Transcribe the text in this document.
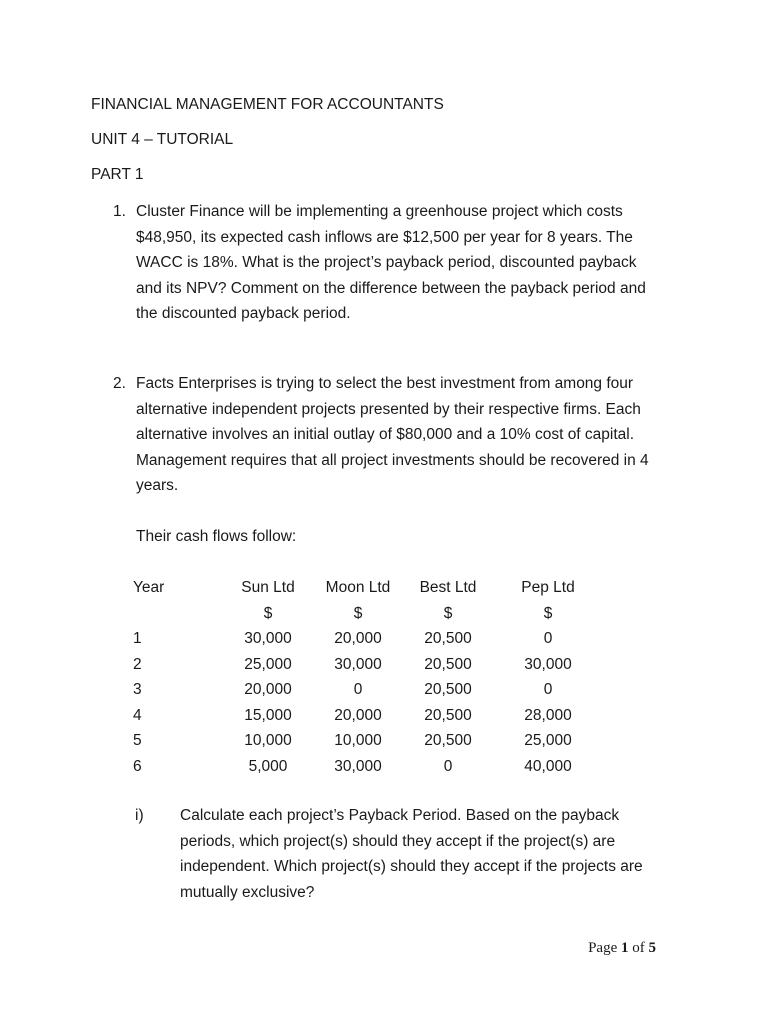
FINANCIAL MANAGEMENT FOR ACCOUNTANTS
UNIT 4 – TUTORIAL
PART 1
1. Cluster Finance will be implementing a greenhouse project which costs
$48,950, its expected cash inflows are $12,500 per year for 8 years. The
WACC is 18%. What is the project’s payback period, discounted payback
and its NPV? Comment on the difference between the payback period and
the discounted payback period.
2. Facts Enterprises is trying to select the best investment from among four
alternative independent projects presented by their respective firms. Each
alternative involves an initial outlay of $80,000 and a 10% cost of capital.
Management requires that all project investments should be recovered in 4
years.
Their cash flows follow:
Year	Sun Ltd	Moon Ltd	Best Ltd	Pep Ltd
	$	$	$	$
1	30,000	20,000	20,500	0
2	25,000	30,000	20,500	30,000
3	20,000	0	20,500	0
4	15,000	20,000	20,500	28,000
5	10,000	10,000	20,500	25,000
6	5,000	30,000	0	40,000
i) Calculate each project’s Payback Period. Based on the payback
periods, which project(s) should they accept if the project(s) are
independent. Which project(s) should they accept if the projects are
mutually exclusive?
Page 1 of 5
